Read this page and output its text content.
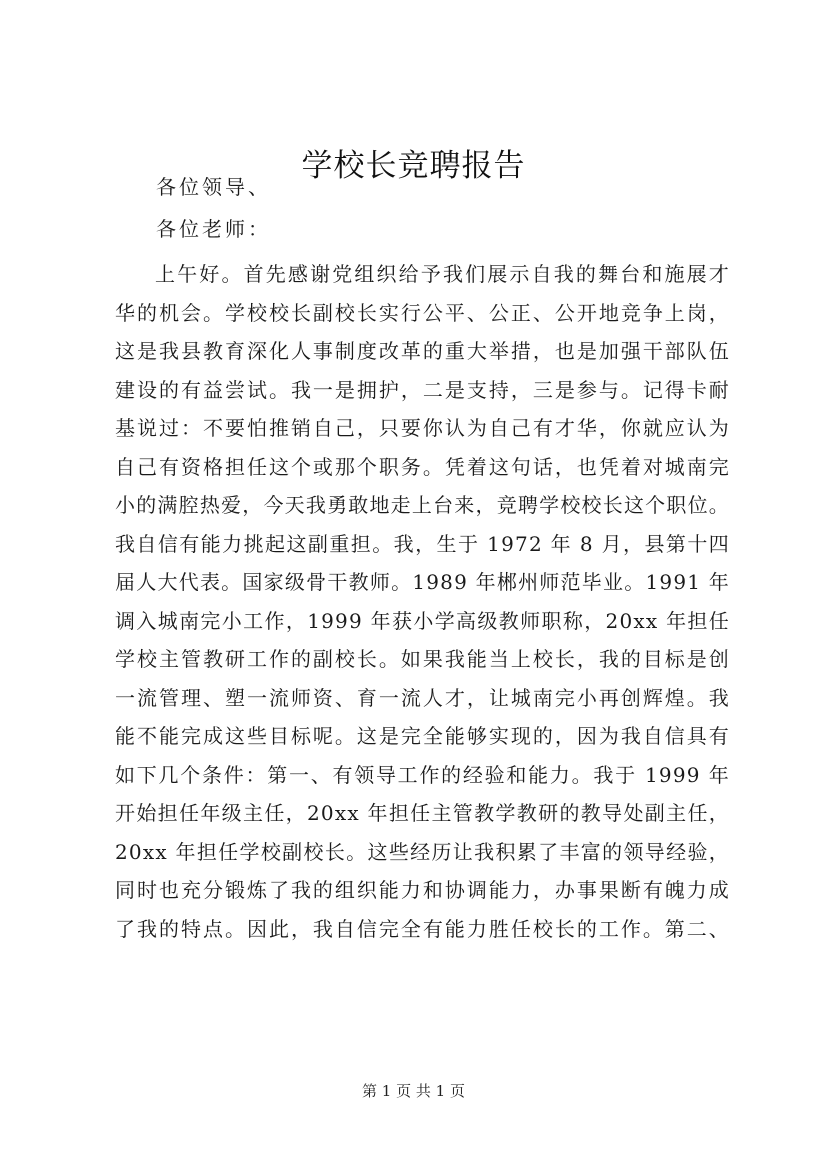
学校长竞聘报告
各位领导、
各位老师：
上午好。首先感谢党组织给予我们展示自我的舞台和施展才
华的机会。学校校长副校长实行公平、公正、公开地竞争上岗，
这是我县教育深化人事制度改革的重大举措，也是加强干部队伍
建设的有益尝试。我一是拥护，二是支持，三是参与。记得卡耐
基说过：不要怕推销自己，只要你认为自己有才华，你就应认为
自己有资格担任这个或那个职务。凭着这句话，也凭着对城南完
小的满腔热爱，今天我勇敢地走上台来，竞聘学校校长这个职位。
我自信有能力挑起这副重担。我，生于 1972 年 8 月，县第十四
届人大代表。国家级骨干教师。1989 年郴州师范毕业。1991 年
调入城南完小工作，1999 年获小学高级教师职称，20xx 年担任
学校主管教研工作的副校长。如果我能当上校长，我的目标是创
一流管理、塑一流师资、育一流人才，让城南完小再创辉煌。我
能不能完成这些目标呢。这是完全能够实现的，因为我自信具有
如下几个条件：第一、有领导工作的经验和能力。我于 1999 年
开始担任年级主任，20xx 年担任主管教学教研的教导处副主任，
20xx 年担任学校副校长。这些经历让我积累了丰富的领导经验，
同时也充分锻炼了我的组织能力和协调能力，办事果断有魄力成
了我的特点。因此，我自信完全有能力胜任校长的工作。第二、
第 1 页 共 1 页
